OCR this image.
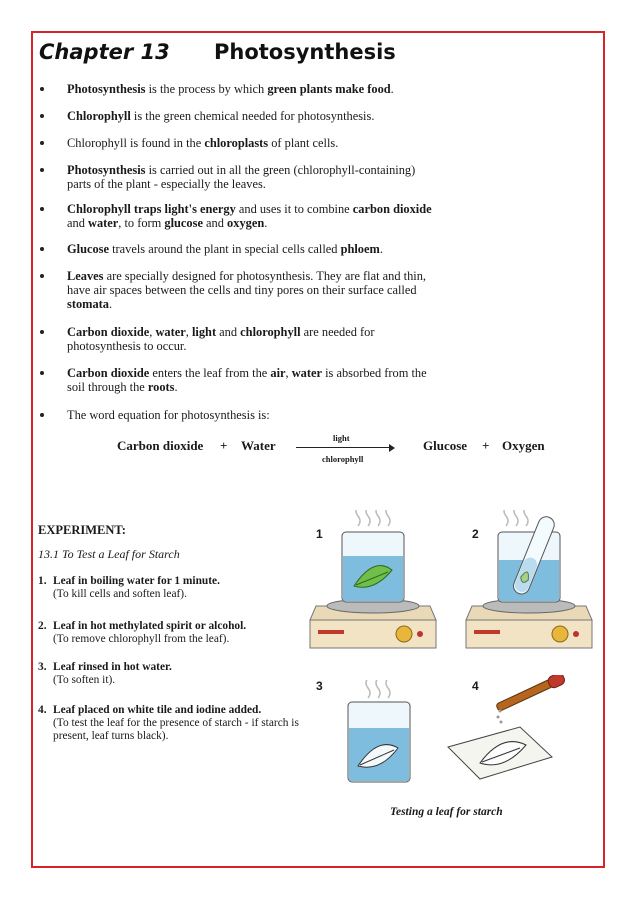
Chapter 13 Photosynthesis
Photosynthesis is the process by which green plants make food.
Chlorophyll is the green chemical needed for photosynthesis.
Chlorophyll is found in the chloroplasts of plant cells.
Photosynthesis is carried out in all the green (chlorophyll-containing) parts of the plant - especially the leaves.
Chlorophyll traps light's energy and uses it to combine carbon dioxide and water, to form glucose and oxygen.
Glucose travels around the plant in special cells called phloem.
Leaves are specially designed for photosynthesis. They are flat and thin, have air spaces between the cells and tiny pores on their surface called stomata.
Carbon dioxide, water, light and chlorophyll are needed for photosynthesis to occur.
Carbon dioxide enters the leaf from the air, water is absorbed from the soil through the roots.
The word equation for photosynthesis is:
Carbon dioxide + Water	light
chlorophyll
Glucose + Oxygen
EXPERIMENT:
13.1 To Test a Leaf for Starch
1. Leaf in boiling water for 1 minute.
(To kill cells and soften leaf).
2. Leaf in hot methylated spirit or alcohol.
(To remove chlorophyll from the leaf).
3. Leaf rinsed in hot water.
(To soften it).
4. Leaf placed on white tile and iodine added.
(To test the leaf for the presence of starch - if starch is present, leaf turns black).
1	2
3	4
Testing a leaf for starch
